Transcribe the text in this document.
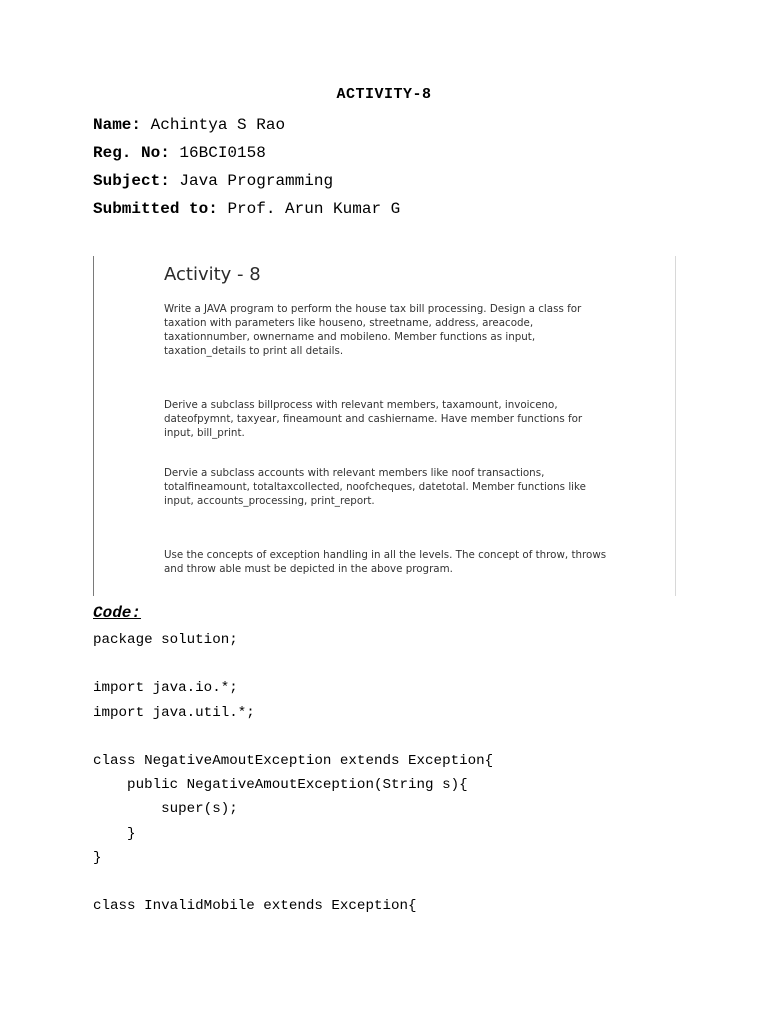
ACTIVITY-8
Name: Achintya S Rao
Reg. No: 16BCI0158
Subject: Java Programming
Submitted to: Prof. Arun Kumar G
Activity - 8

Write a JAVA program to perform the house tax bill processing. Design a class for taxation with parameters like houseno, streetname, address, areacode, taxationnumber, ownername and mobileno. Member functions as input, taxation_details to print all details.

Derive a subclass billprocess with relevant members, taxamount, invoiceno, dateofpymnt, taxyear, fineamount and cashiername. Have member functions for input, bill_print.

Dervie a subclass accounts with relevant members like noof transactions, totalfineamount, totaltaxcollected, noofcheques, datetotal. Member functions like input, accounts_processing, print_report.

Use the concepts of exception handling in all the levels. The concept of throw, throws and throw able must be depicted in the above program.

Code:
package solution;

import java.io.*;
import java.util.*;

class NegativeAmoutException extends Exception{
public NegativeAmoutException(String s){
super(s);
}
}

class InvalidMobile extends Exception{
